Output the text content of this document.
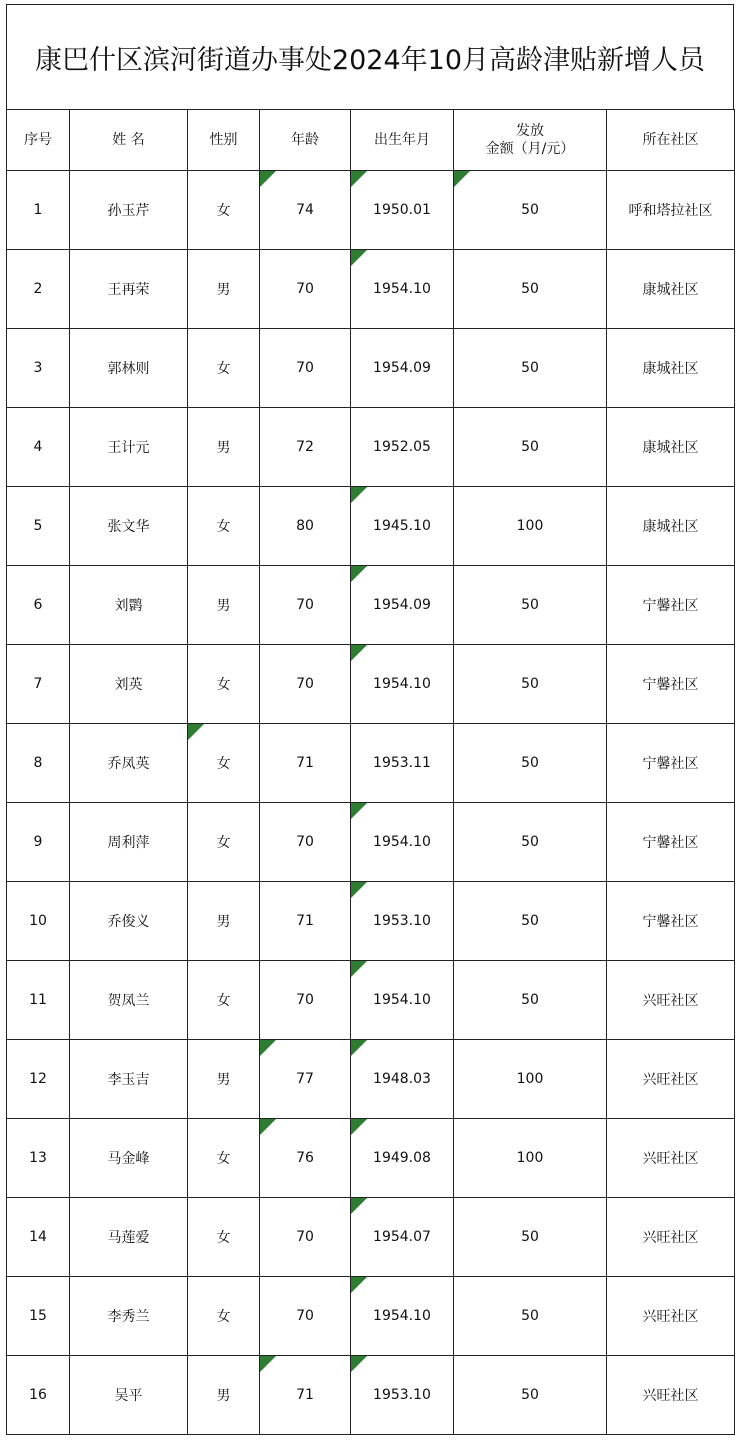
康巴什区滨河街道办事处2024年10月高龄津贴新增人员
序号	姓 名	性别	年龄	出生年月	发放
金额（月/元）	所在社区
1	孙玉芹	女	74	1950.01	50	呼和塔拉社区
2	王再荣	男	70	1954.10	50	康城社区
3	郭林则	女	70	1954.09	50	康城社区
4	王计元	男	72	1952.05	50	康城社区
5	张文华	女	80	1945.10	100	康城社区
6	刘鹮	男	70	1954.09	50	宁馨社区
7	刘英	女	70	1954.10	50	宁馨社区
8	乔凤英	女	71	1953.11	50	宁馨社区
9	周利萍	女	70	1954.10	50	宁馨社区
10	乔俊义	男	71	1953.10	50	宁馨社区
11	贺凤兰	女	70	1954.10	50	兴旺社区
12	李玉吉	男	77	1948.03	100	兴旺社区
13	马金峰	女	76	1949.08	100	兴旺社区
14	马莲爱	女	70	1954.07	50	兴旺社区
15	李秀兰	女	70	1954.10	50	兴旺社区
16	吴平	男	71	1953.10	50	兴旺社区
